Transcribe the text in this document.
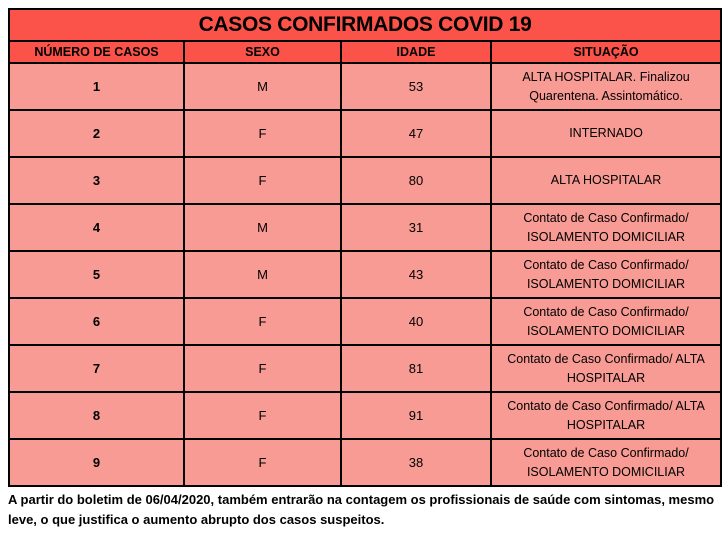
CASOS CONFIRMADOS COVID 19			
NÚMERO DE CASOS	SEXO	IDADE	SITUAÇÃO
1	M	53	ALTA HOSPITALAR. Finalizou Quarentena. Assintomático.
2	F	47	INTERNADO
3	F	80	ALTA HOSPITALAR
4	M	31	Contato de Caso Confirmado/ ISOLAMENTO DOMICILIAR
5	M	43	Contato de Caso Confirmado/ ISOLAMENTO DOMICILIAR
6	F	40	Contato de Caso Confirmado/ ISOLAMENTO DOMICILIAR
7	F	81	Contato de Caso Confirmado/ ALTA HOSPITALAR
8	F	91	Contato de Caso Confirmado/ ALTA HOSPITALAR
9	F	38	Contato de Caso Confirmado/ ISOLAMENTO DOMICILIAR

A partir do boletim de 06/04/2020, também entrarão na contagem os profissionais de saúde com sintomas, mesmo leve, o que justifica o aumento abrupto dos casos suspeitos.
